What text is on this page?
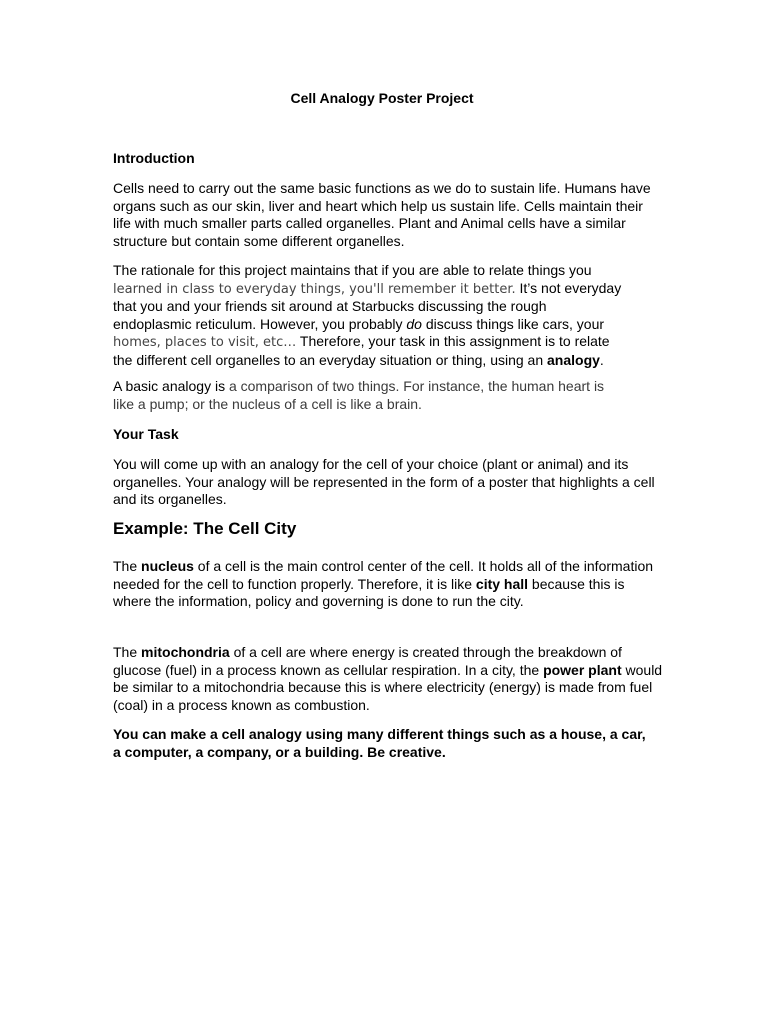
Cell Analogy Poster Project
Introduction

Cells need to carry out the same basic functions as we do to sustain life. Humans have organs such as our skin, liver and heart which help us sustain life. Cells maintain their life with much smaller parts called organelles. Plant and Animal cells have a similar structure but contain some different organelles.

The rationale for this project maintains that if you are able to relate things you
learned in class to everyday things, you'll remember it better. It’s not everyday
that you and your friends sit around at Starbucks discussing the rough
endoplasmic reticulum. However, you probably do discuss things like cars, your
homes, places to visit, etc… Therefore, your task in this assignment is to relate
the different cell organelles to an everyday situation or thing, using an analogy.

A basic analogy is a comparison of two things. For instance, the human heart is
like a pump; or the nucleus of a cell is like a brain.

Your Task

You will come up with an analogy for the cell of your choice (plant or animal) and its organelles. Your analogy will be represented in the form of a poster that highlights a cell and its organelles.

Example: The Cell City

The nucleus of a cell is the main control center of the cell. It holds all of the information needed for the cell to function properly. Therefore, it is like city hall because this is where the information, policy and governing is done to run the city.

The mitochondria of a cell are where energy is created through the breakdown of glucose (fuel) in a process known as cellular respiration. In a city, the power plant would be similar to a mitochondria because this is where electricity (energy) is made from fuel (coal) in a process known as combustion.

You can make a cell analogy using many different things such as a house, a car, a computer, a company, or a building. Be creative.
